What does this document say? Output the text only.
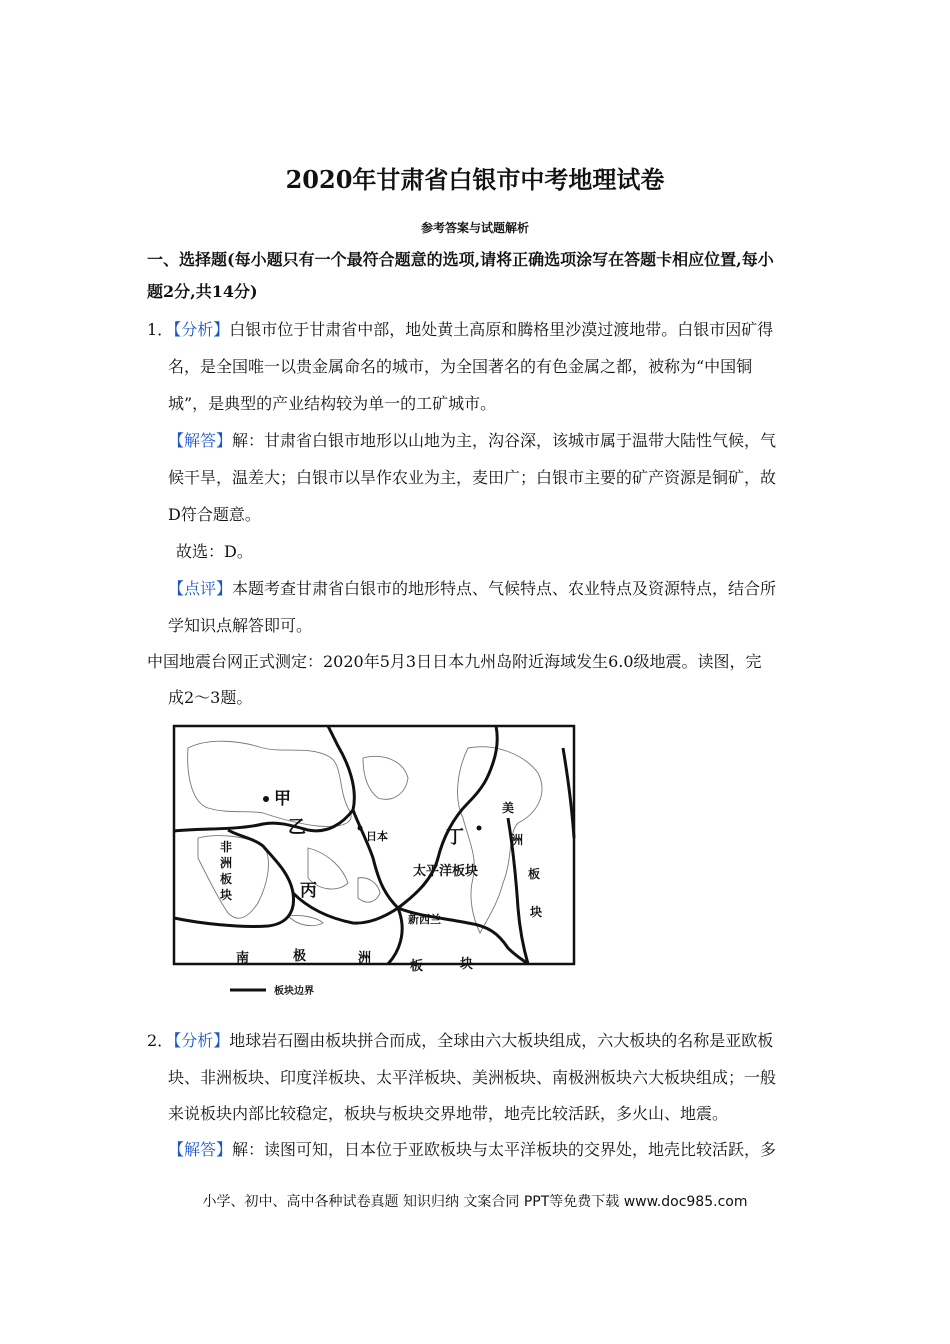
2020年甘肃省白银市中考地理试卷
参考答案与试题解析
一、选择题(每小题只有一个最符合题意的选项,请将正确选项涂写在答题卡相应位置,每小
题2分,共14分)
1．【分析】白银市位于甘肃省中部，地处黄土高原和腾格里沙漠过渡地带。白银市因矿得
名，是全国唯一以贵金属命名的城市，为全国著名的有色金属之都，被称为“中国铜
城”，是典型的产业结构较为单一的工矿城市。
【解答】解：甘肃省白银市地形以山地为主，沟谷深，该城市属于温带大陆性气候，气
候干旱，温差大；白银市以旱作农业为主，麦田广；白银市主要的矿产资源是铜矿，故
D符合题意。
故选：D。
【点评】本题考查甘肃省白银市的地形特点、气候特点、农业特点及资源特点，结合所
学知识点解答即可。
中国地震台网正式测定：2020年5月3日日本九州岛附近海域发生6.0级地震。读图，完
成2～3题。
甲
乙
丙
丁
日本
太平洋板块
新西兰
非
洲
板
块
美
洲
板
块
南	极	洲
板	块
板块边界
2．【分析】地球岩石圈由板块拼合而成，全球由六大板块组成，六大板块的名称是亚欧板
块、非洲板块、印度洋板块、太平洋板块、美洲板块、南极洲板块六大板块组成；一般
来说板块内部比较稳定，板块与板块交界地带，地壳比较活跃，多火山、地震。
【解答】解：读图可知，日本位于亚欧板块与太平洋板块的交界处，地壳比较活跃，多
小学、初中、高中各种试卷真题 知识归纳 文案合同 PPT等免费下载 www.doc985.com
